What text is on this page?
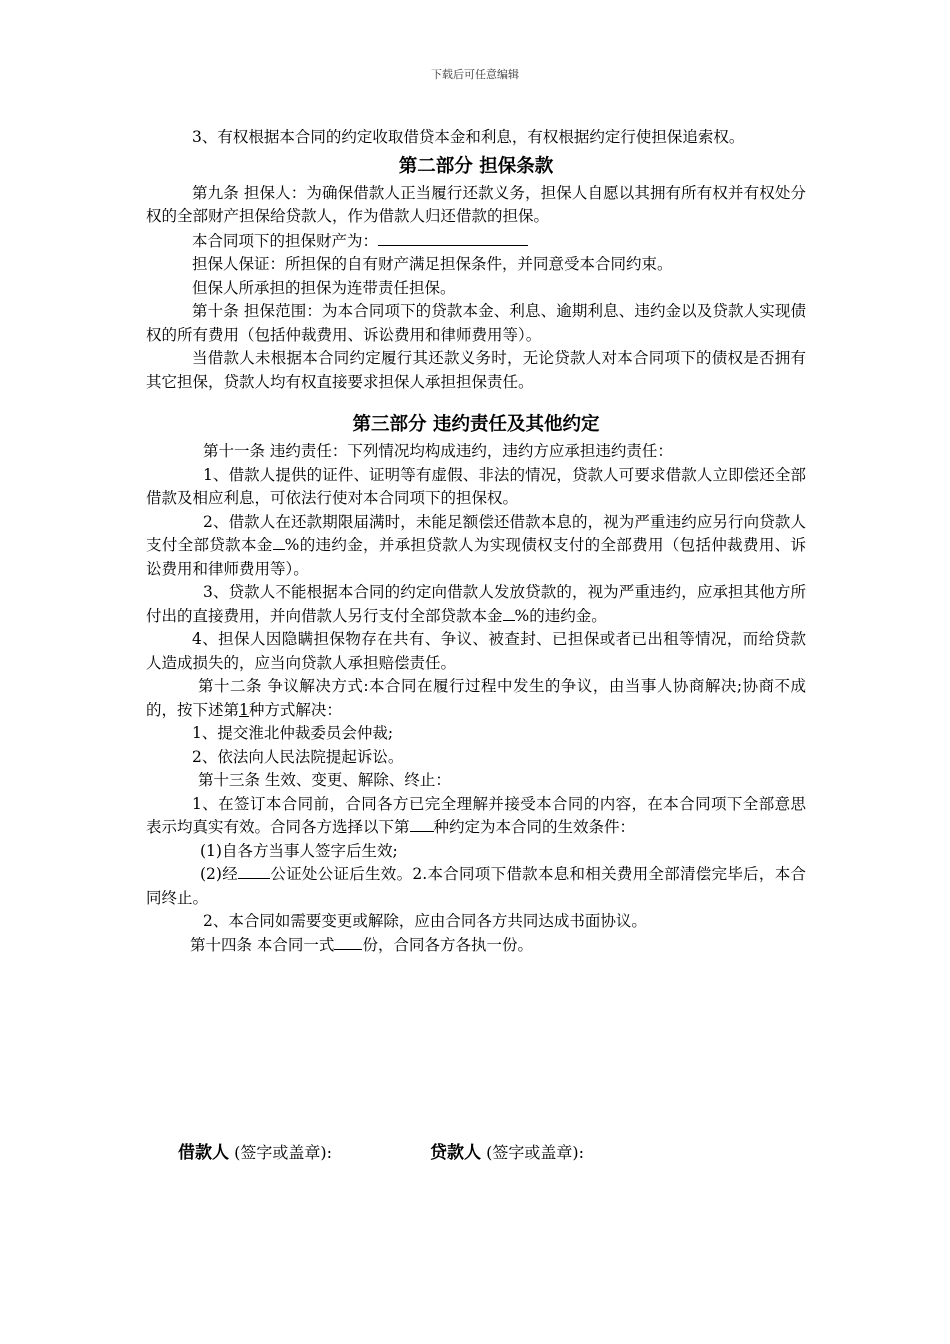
下载后可任意编辑

3、有权根据本合同的约定收取借贷本金和利息，有权根据约定行使担保追索权。

第二部分 担保条款

第九条 担保人：为确保借款人正当履行还款义务，担保人自愿以其拥有所有权并有权处分权的全部财产担保给贷款人，作为借款人归还借款的担保。

本合同项下的担保财产为：

担保人保证：所担保的自有财产满足担保条件，并同意受本合同约束。

但保人所承担的担保为连带责任担保。

第十条 担保范围：为本合同项下的贷款本金、利息、逾期利息、违约金以及贷款人实现债权的所有费用（包括仲裁费用、诉讼费用和律师费用等）。

当借款人未根据本合同约定履行其还款义务时，无论贷款人对本合同项下的债权是否拥有其它担保，贷款人均有权直接要求担保人承担担保责任。

第三部分 违约责任及其他约定

第十一条 违约责任：下列情况均构成违约，违约方应承担违约责任：

1、借款人提供的证件、证明等有虚假、非法的情况，贷款人可要求借款人立即偿还全部借款及相应利息，可依法行使对本合同项下的担保权。

2、借款人在还款期限届满时，未能足额偿还借款本息的，视为严重违约应另行向贷款人支付全部贷款本金 %的违约金，并承担贷款人为实现债权支付的全部费用（包括仲裁费用、诉讼费用和律师费用等）。

3、贷款人不能根据本合同的约定向借款人发放贷款的，视为严重违约，应承担其他方所付出的直接费用，并向借款人另行支付全部贷款本金 %的违约金。

4、担保人因隐瞒担保物存在共有、争议、被查封、已担保或者已出租等情况，而给贷款人造成损失的，应当向贷款人承担赔偿责任。

第十二条 争议解决方式:本合同在履行过程中发生的争议，由当事人协商解决;协商不成的，按下述第1种方式解决：

1、提交淮北仲裁委员会仲裁;

2、依法向人民法院提起诉讼。

第十三条 生效、变更、解除、终止：

1、在签订本合同前，合同各方已完全理解并接受本合同的内容，在本合同项下全部意思表示均真实有效。合同各方选择以下第 种约定为本合同的生效条件：

(1)自各方当事人签字后生效;

(2)经 公证处公证后生效。2.本合同项下借款本息和相关费用全部清偿完毕后，本合同终止。

2、本合同如需要变更或解除，应由合同各方共同达成书面协议。

第十四条 本合同一式 份，合同各方各执一份。

借款人 (签字或盖章):	贷款人 (签字或盖章):
